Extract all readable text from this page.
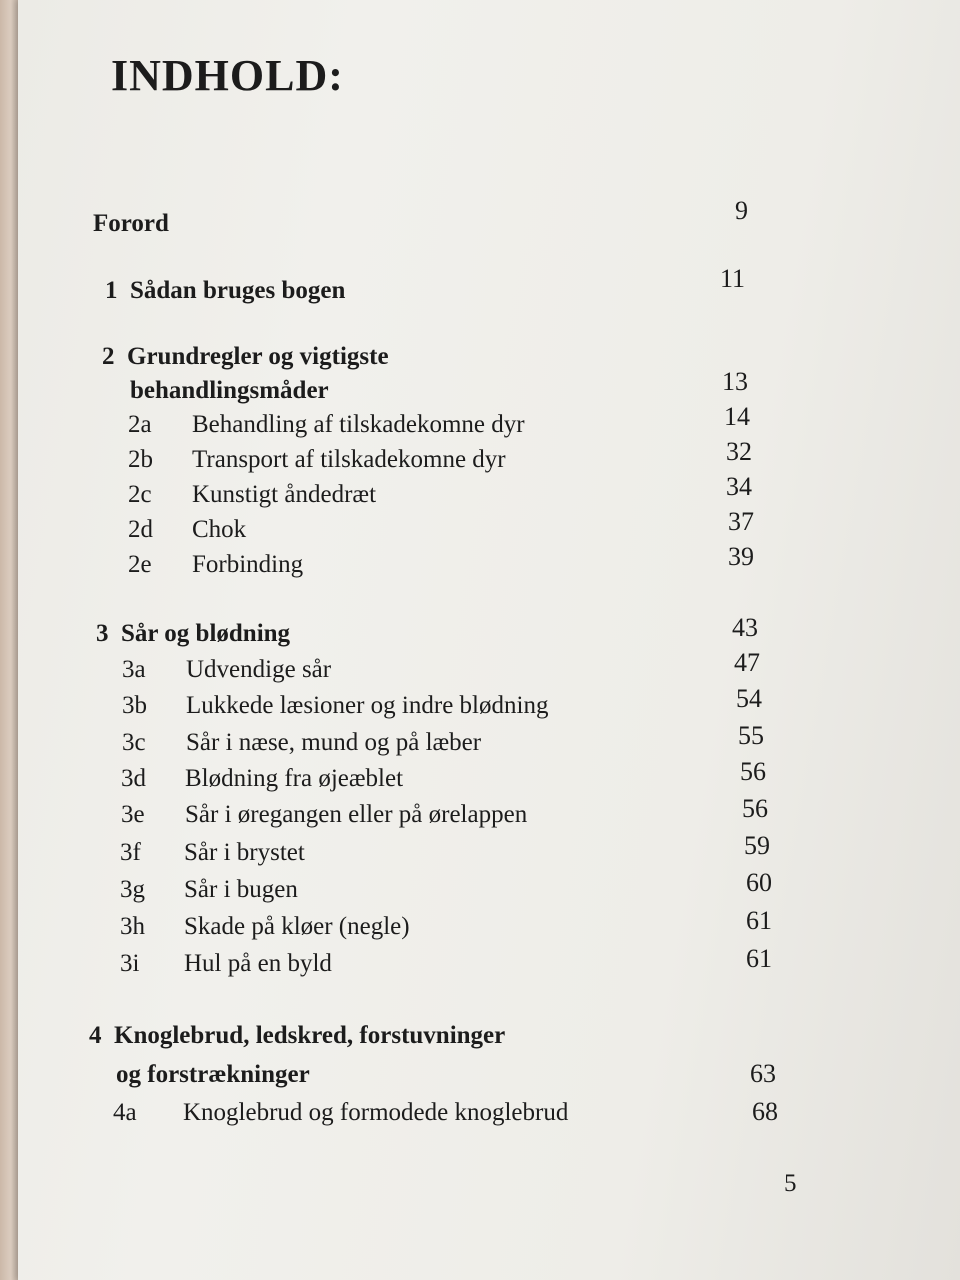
INDHOLD:
Forord	9
1 Sådan bruges bogen	11
2 Grundregler og vigtigste
behandlingsmåder	13
2a Behandling af tilskadekomne dyr	14
2b Transport af tilskadekomne dyr	32
2c Kunstigt åndedræt	34
2d Chok	37
2e Forbinding	39
3 Sår og blødning	43
3a Udvendige sår	47
3b Lukkede læsioner og indre blødning	54
3c Sår i næse, mund og på læber	55
3d Blødning fra øjeæblet	56
3e Sår i øregangen eller på ørelappen	56
3f Sår i brystet	59
3g Sår i bugen	60
3h Skade på kløer (negle)	61
3i Hul på en byld	61
4 Knoglebrud, ledskred, forstuvninger
og forstrækninger	63
4a Knoglebrud og formodede knoglebrud	68
5
